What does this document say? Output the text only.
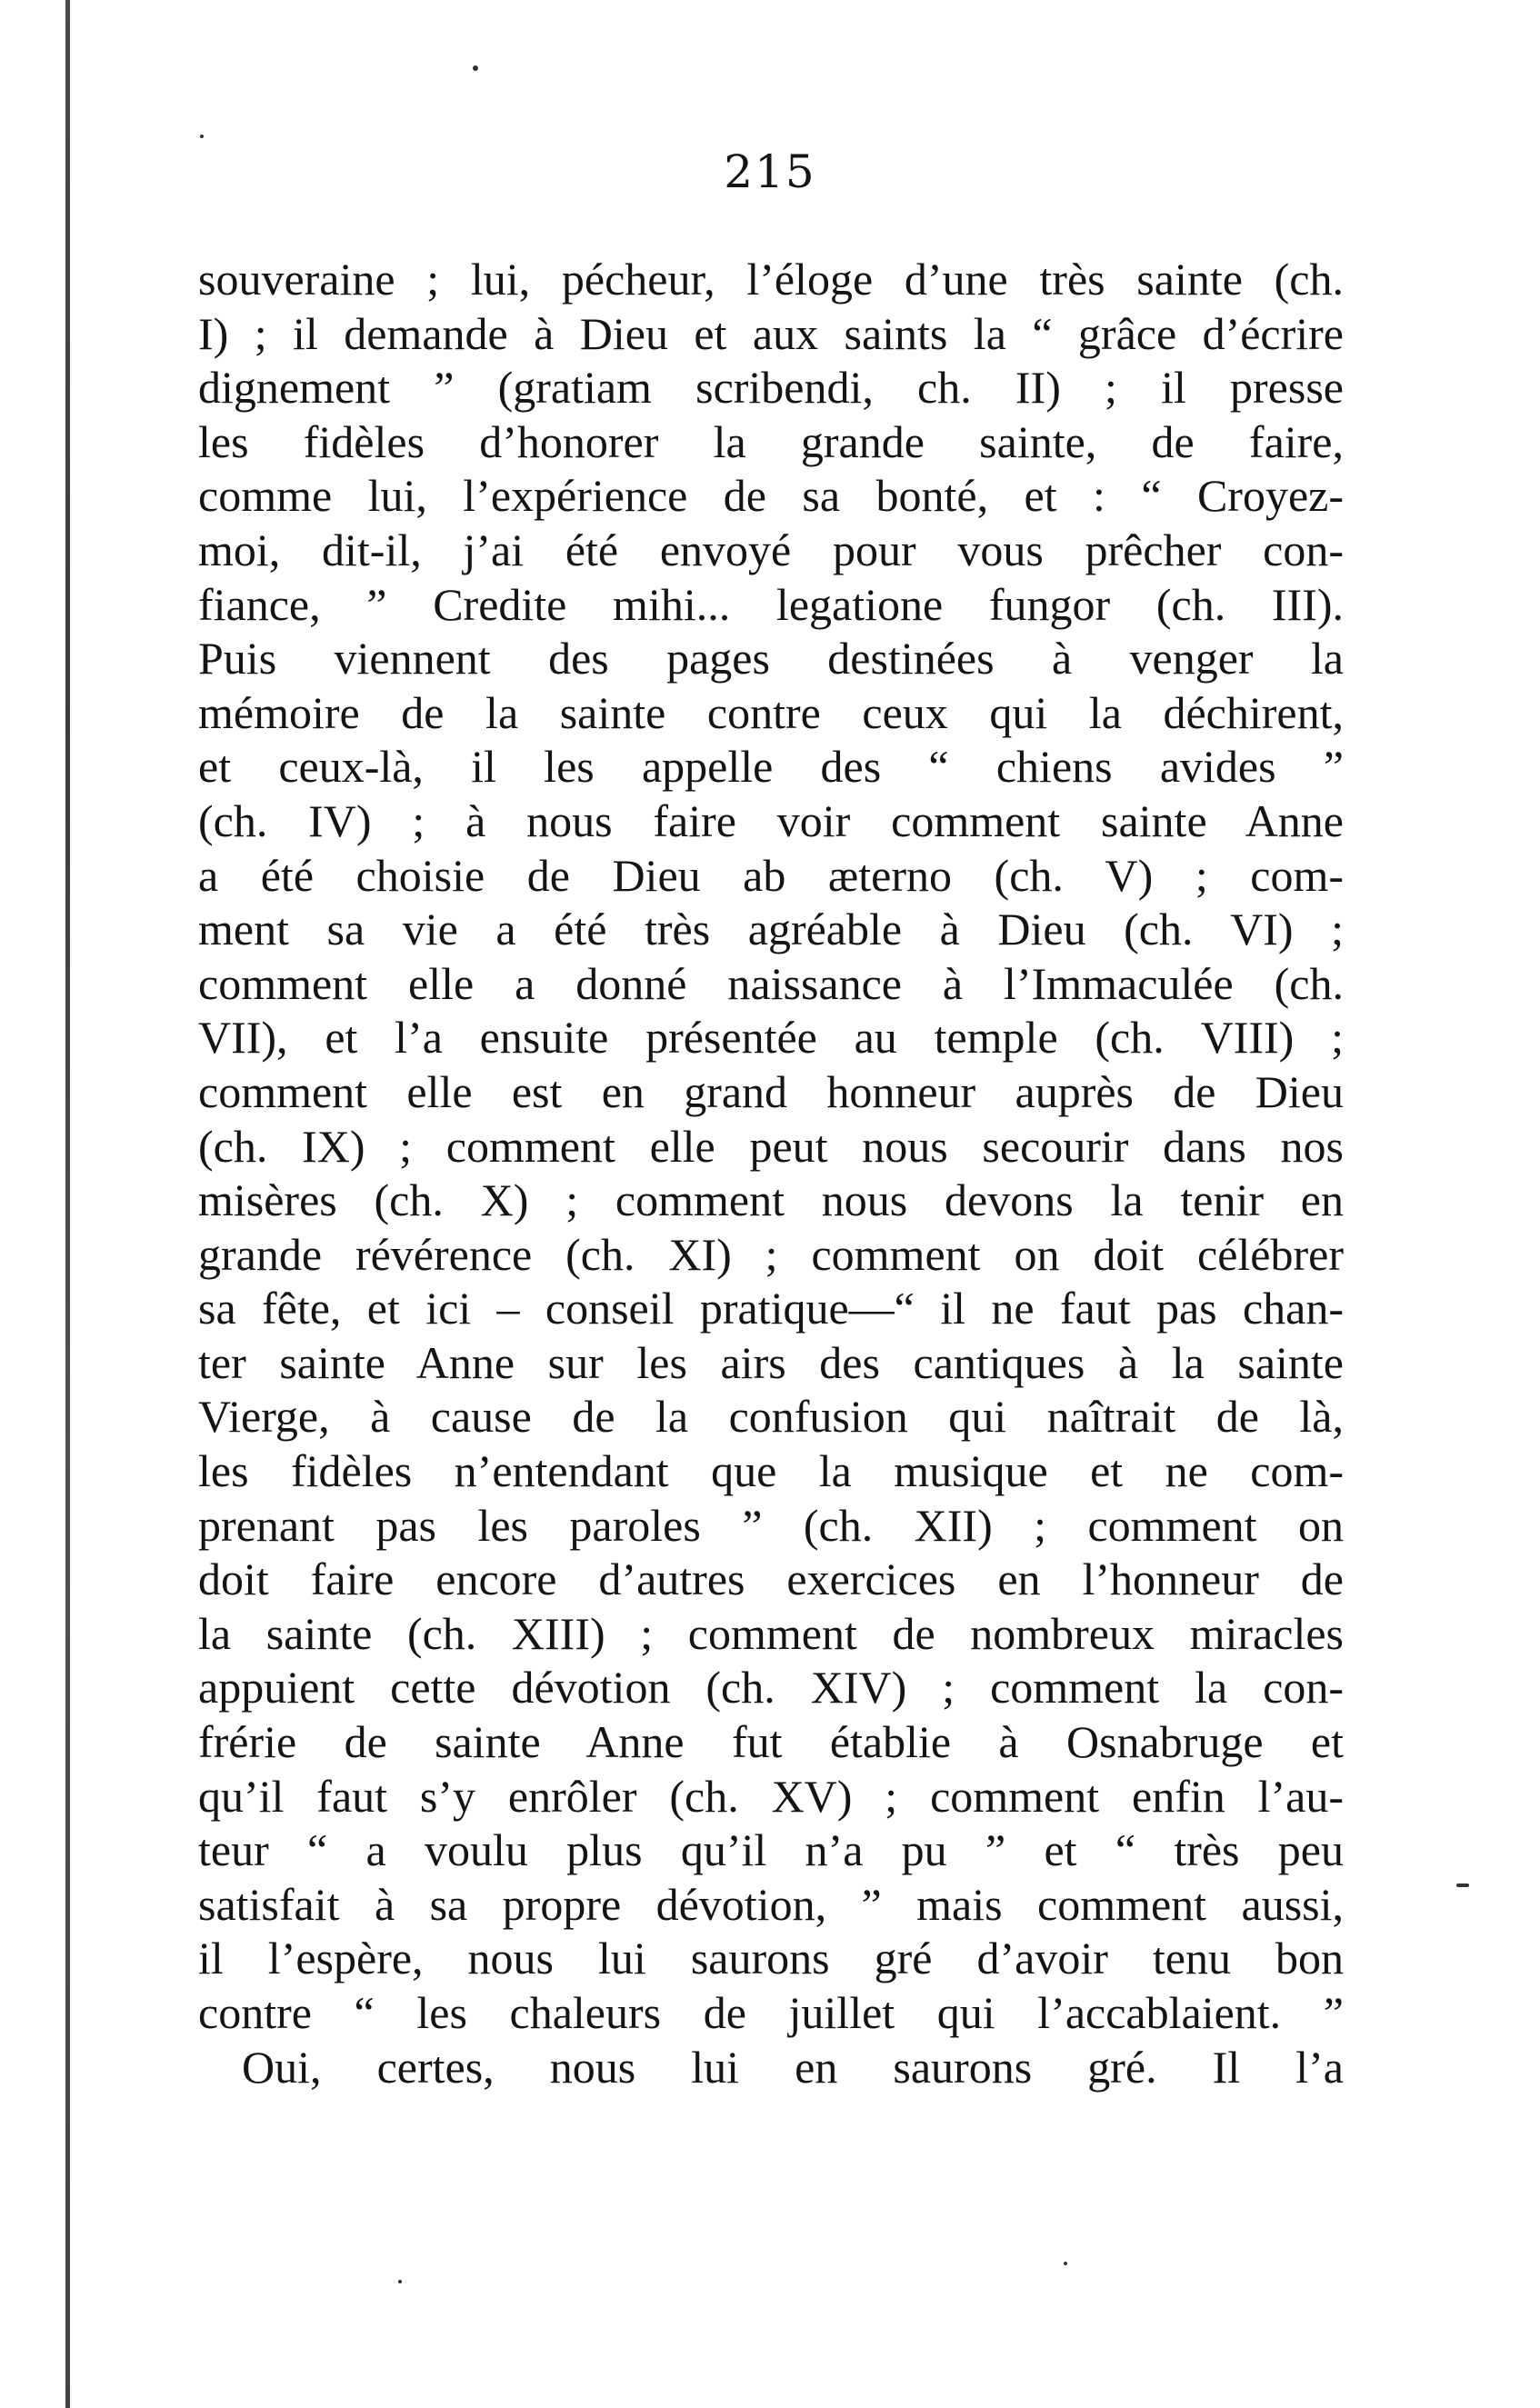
215
souveraine ; lui, pécheur, l’éloge d’une très sainte (ch.
I) ; il demande à Dieu et aux saints la “ grâce d’écrire
dignement ” (gratiam scribendi, ch. II) ; il presse
les fidèles d’honorer la grande sainte, de faire,
comme lui, l’expérience de sa bonté, et : “ Croyez-
moi, dit-il, j’ai été envoyé pour vous prêcher con-
fiance, ” Credite mihi... legatione fungor (ch. III).
Puis viennent des pages destinées à venger la
mémoire de la sainte contre ceux qui la déchirent,
et ceux-là, il les appelle des “ chiens avides ”
(ch. IV) ; à nous faire voir comment sainte Anne
a été choisie de Dieu ab æterno (ch. V) ; com-
ment sa vie a été très agréable à Dieu (ch. VI) ;
comment elle a donné naissance à l’Immaculée (ch.
VII), et l’a ensuite présentée au temple (ch. VIII) ;
comment elle est en grand honneur auprès de Dieu
(ch. IX) ; comment elle peut nous secourir dans nos
misères (ch. X) ; comment nous devons la tenir en
grande révérence (ch. XI) ; comment on doit célébrer
sa fête, et ici – conseil pratique—“ il ne faut pas chan-
ter sainte Anne sur les airs des cantiques à la sainte
Vierge, à cause de la confusion qui naîtrait de là,
les fidèles n’entendant que la musique et ne com-
prenant pas les paroles ” (ch. XII) ; comment on
doit faire encore d’autres exercices en l’honneur de
la sainte (ch. XIII) ; comment de nombreux miracles
appuient cette dévotion (ch. XIV) ; comment la con-
frérie de sainte Anne fut établie à Osnabruge et
qu’il faut s’y enrôler (ch. XV) ; comment enfin l’au-
teur “ a voulu plus qu’il n’a pu ” et “ très peu
satisfait à sa propre dévotion, ” mais comment aussi,
il l’espère, nous lui saurons gré d’avoir tenu bon
contre “ les chaleurs de juillet qui l’accablaient. ”
Oui, certes, nous lui en saurons gré. Il l’a
